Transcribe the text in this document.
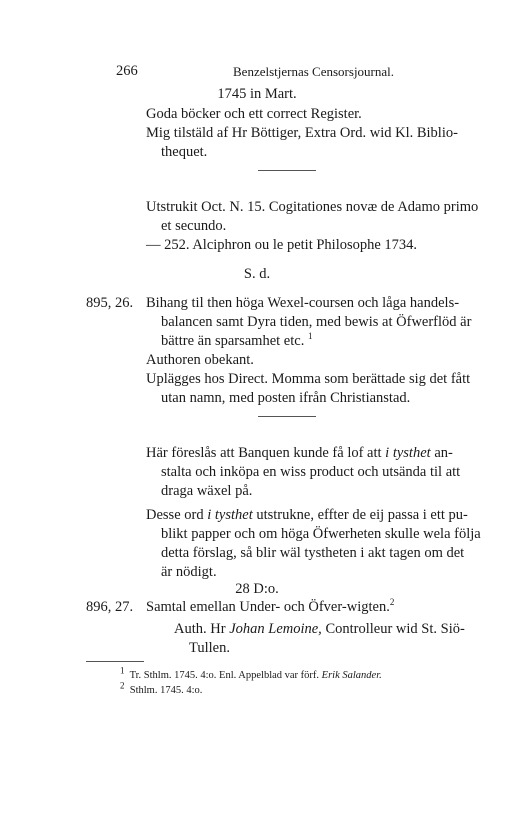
266	Benzelstjernas Censorsjournal.
1745 in Mart.
Goda böcker och ett correct Register.
Mig tilstäld af Hr Böttiger, Extra Ord. wid Kl. Biblio-
thequet.
Utstrukit Oct. N. 15. Cogitationes novæ de Adamo primo
et secundo.
— 252. Alciphron ou le petit Philosophe 1734.
S. d.
895, 26. Bihang til then höga Wexel-coursen och låga handels-
balancen samt Dyra tiden, med bewis at Öfwerflöd är
bättre än sparsamhet etc. $^1$
Authoren obekant.
Uplägges hos Direct. Momma som berättade sig det fått
utan namn, med posten ifrån Christianstad.
Här föreslås att Banquen kunde få lof att i tysthet an-
stalta och inköpa en wiss product och utsända til att
draga wäxel på.
Desse ord i tysthet utstrukne, effter de eij passa i ett pu-
blikt papper och om höga Öfwerheten skulle wela följa
detta förslag, så blir wäl tystheten i akt tagen om det
är nödigt.
28 D:o.
896, 27. Samtal emellan Under- och Öfver-wigten.$^2$
Auth. Hr Johan Lemoine, Controlleur wid St. Siö-
Tullen.
$^1$ Tr. Sthlm. 1745. 4:o. Enl. Appelblad var förf. Erik Salander.
$^2$ Sthlm. 1745. 4:o.
